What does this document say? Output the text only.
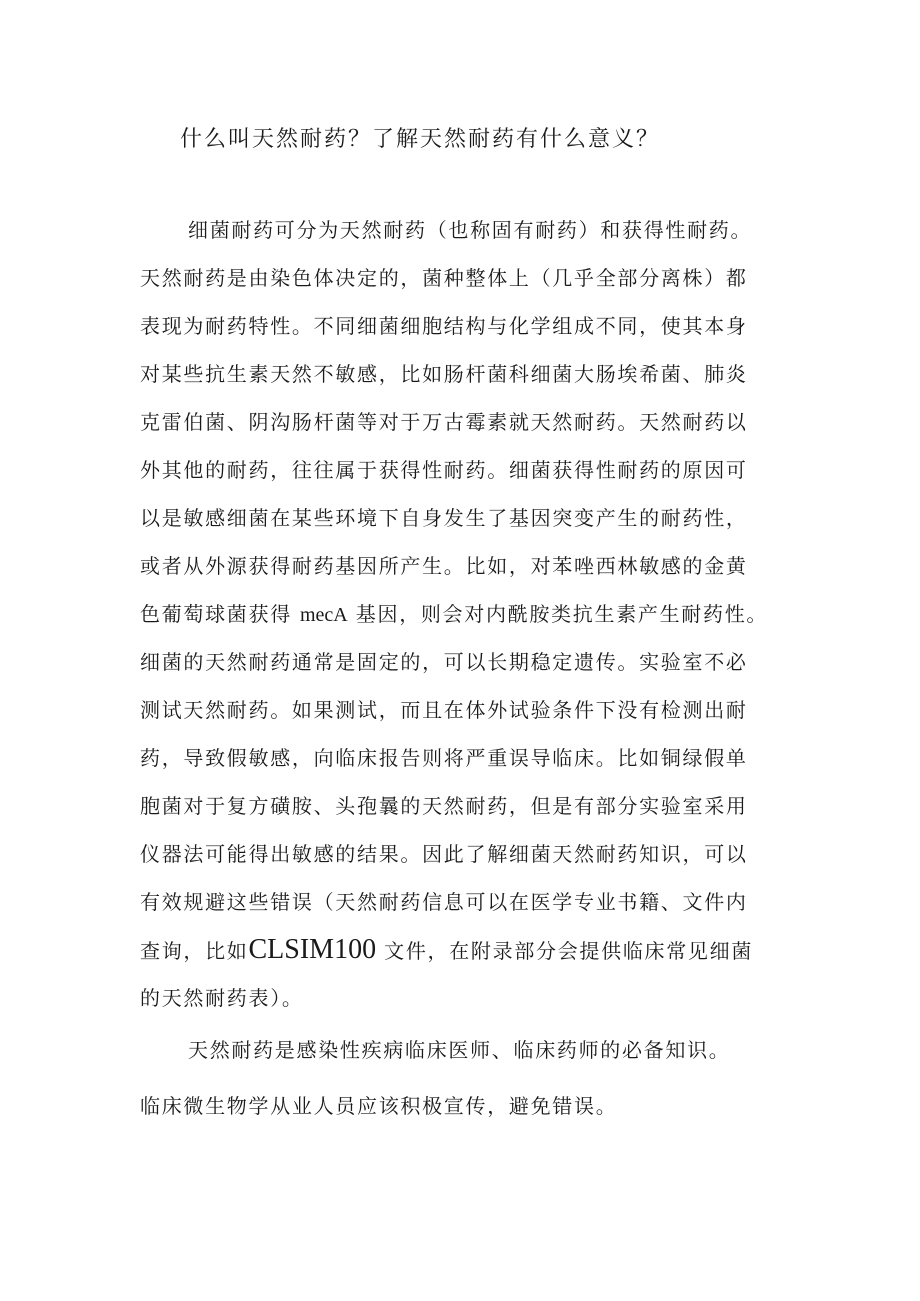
什么叫天然耐药？了解天然耐药有什么意义？
细菌耐药可分为天然耐药（也称固有耐药）和获得性耐药。
天然耐药是由染色体决定的，菌种整体上（几乎全部分离株）都
表现为耐药特性。不同细菌细胞结构与化学组成不同，使其本身
对某些抗生素天然不敏感，比如肠杆菌科细菌大肠埃希菌、肺炎
克雷伯菌、阴沟肠杆菌等对于万古霉素就天然耐药。天然耐药以
外其他的耐药，往往属于获得性耐药。细菌获得性耐药的原因可
以是敏感细菌在某些环境下自身发生了基因突变产生的耐药性，
或者从外源获得耐药基因所产生。比如，对苯唑西林敏感的金黄
色葡萄球菌获得 mecA 基因，则会对内酰胺类抗生素产生耐药性。
细菌的天然耐药通常是固定的，可以长期稳定遗传。实验室不必
测试天然耐药。如果测试，而且在体外试验条件下没有检测出耐
药，导致假敏感，向临床报告则将严重误导临床。比如铜绿假单
胞菌对于复方磺胺、头孢曩的天然耐药，但是有部分实验室采用
仪器法可能得出敏感的结果。因此了解细菌天然耐药知识，可以
有效规避这些错误（天然耐药信息可以在医学专业书籍、文件内
查询，比如CLSIM100 文件，在附录部分会提供临床常见细菌
的天然耐药表）。
天然耐药是感染性疾病临床医师、临床药师的必备知识。
临床微生物学从业人员应该积极宣传，避免错误。
